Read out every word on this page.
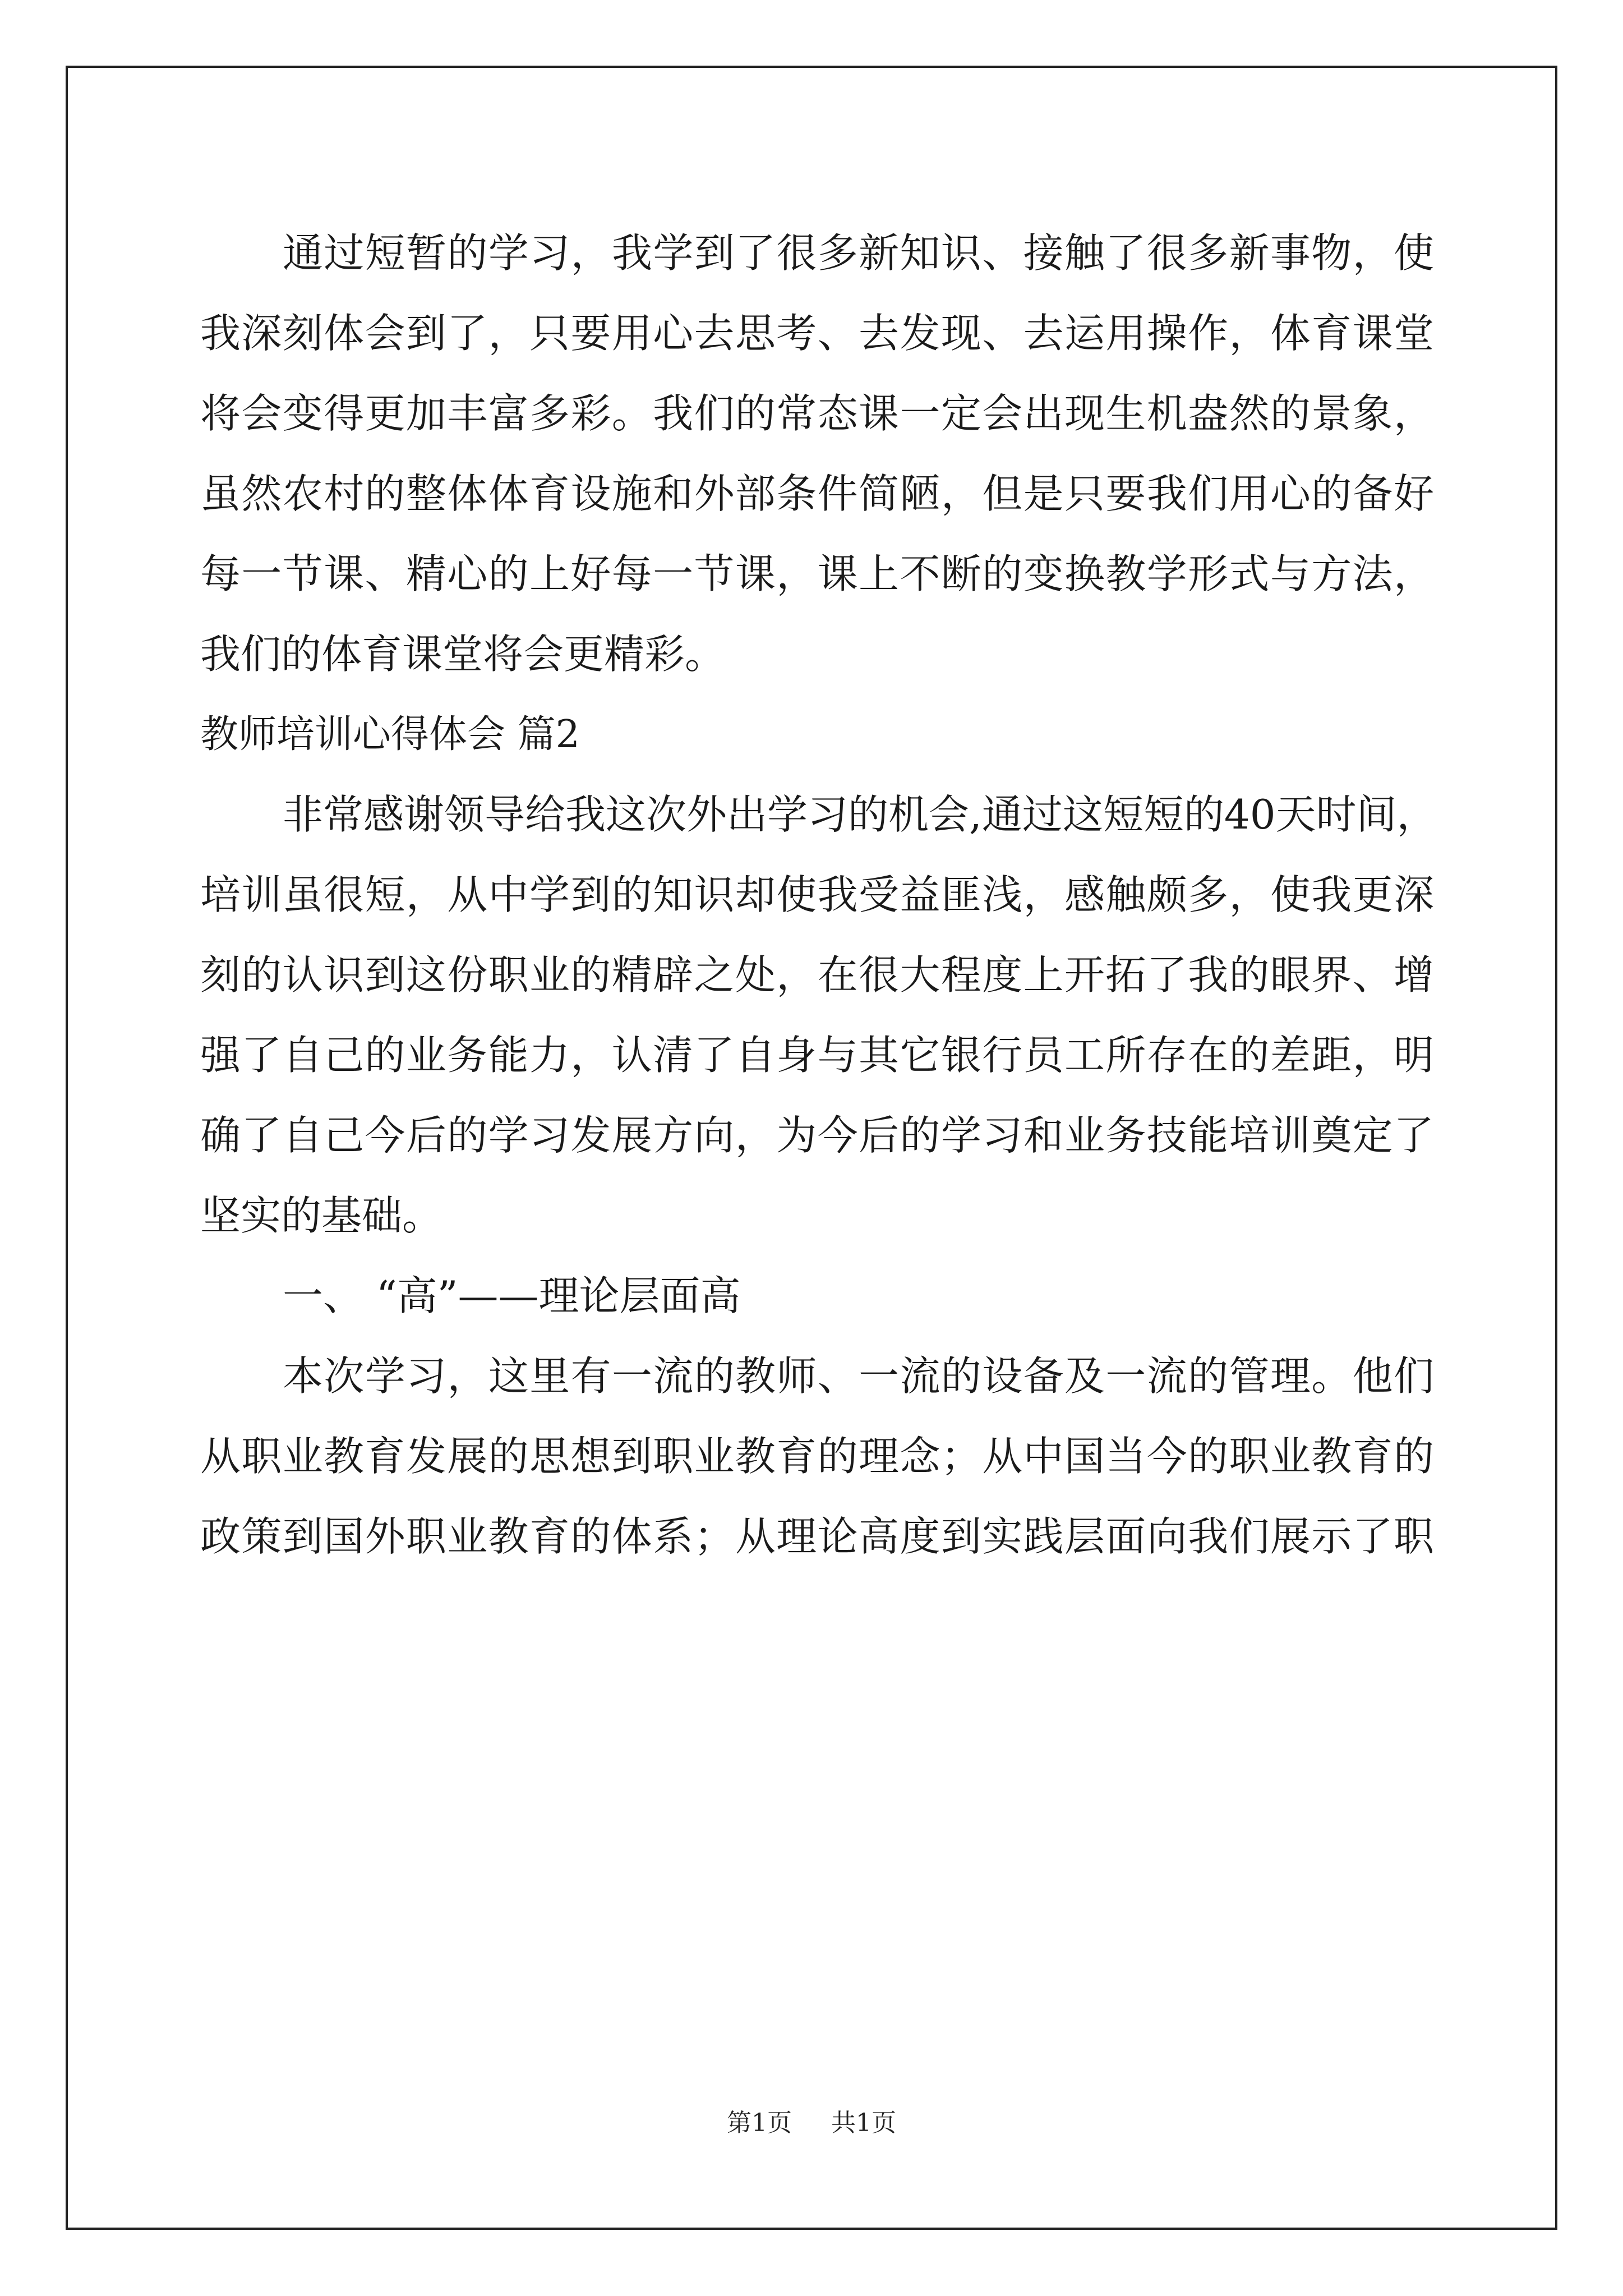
通过短暂的学习，我学到了很多新知识、接触了很多新事物，使
我深刻体会到了，只要用心去思考、去发现、去运用操作，体育课堂
将会变得更加丰富多彩。我们的常态课一定会出现生机盎然的景象，
虽然农村的整体体育设施和外部条件简陋，但是只要我们用心的备好
每一节课、精心的上好每一节课，课上不断的变换教学形式与方法，
我们的体育课堂将会更精彩。
教师培训心得体会 篇2
非常感谢领导给我这次外出学习的机会,通过这短短的40天时间，
培训虽很短，从中学到的知识却使我受益匪浅，感触颇多，使我更深
刻的认识到这份职业的精辟之处，在很大程度上开拓了我的眼界、增
强了自己的业务能力，认清了自身与其它银行员工所存在的差距，明
确了自己今后的学习发展方向，为今后的学习和业务技能培训奠定了
坚实的基础。
一、 “高”——理论层面高
本次学习，这里有一流的教师、一流的设备及一流的管理。他们
从职业教育发展的思想到职业教育的理念；从中国当今的职业教育的
政策到国外职业教育的体系；从理论高度到实践层面向我们展示了职
第1页 共1页
